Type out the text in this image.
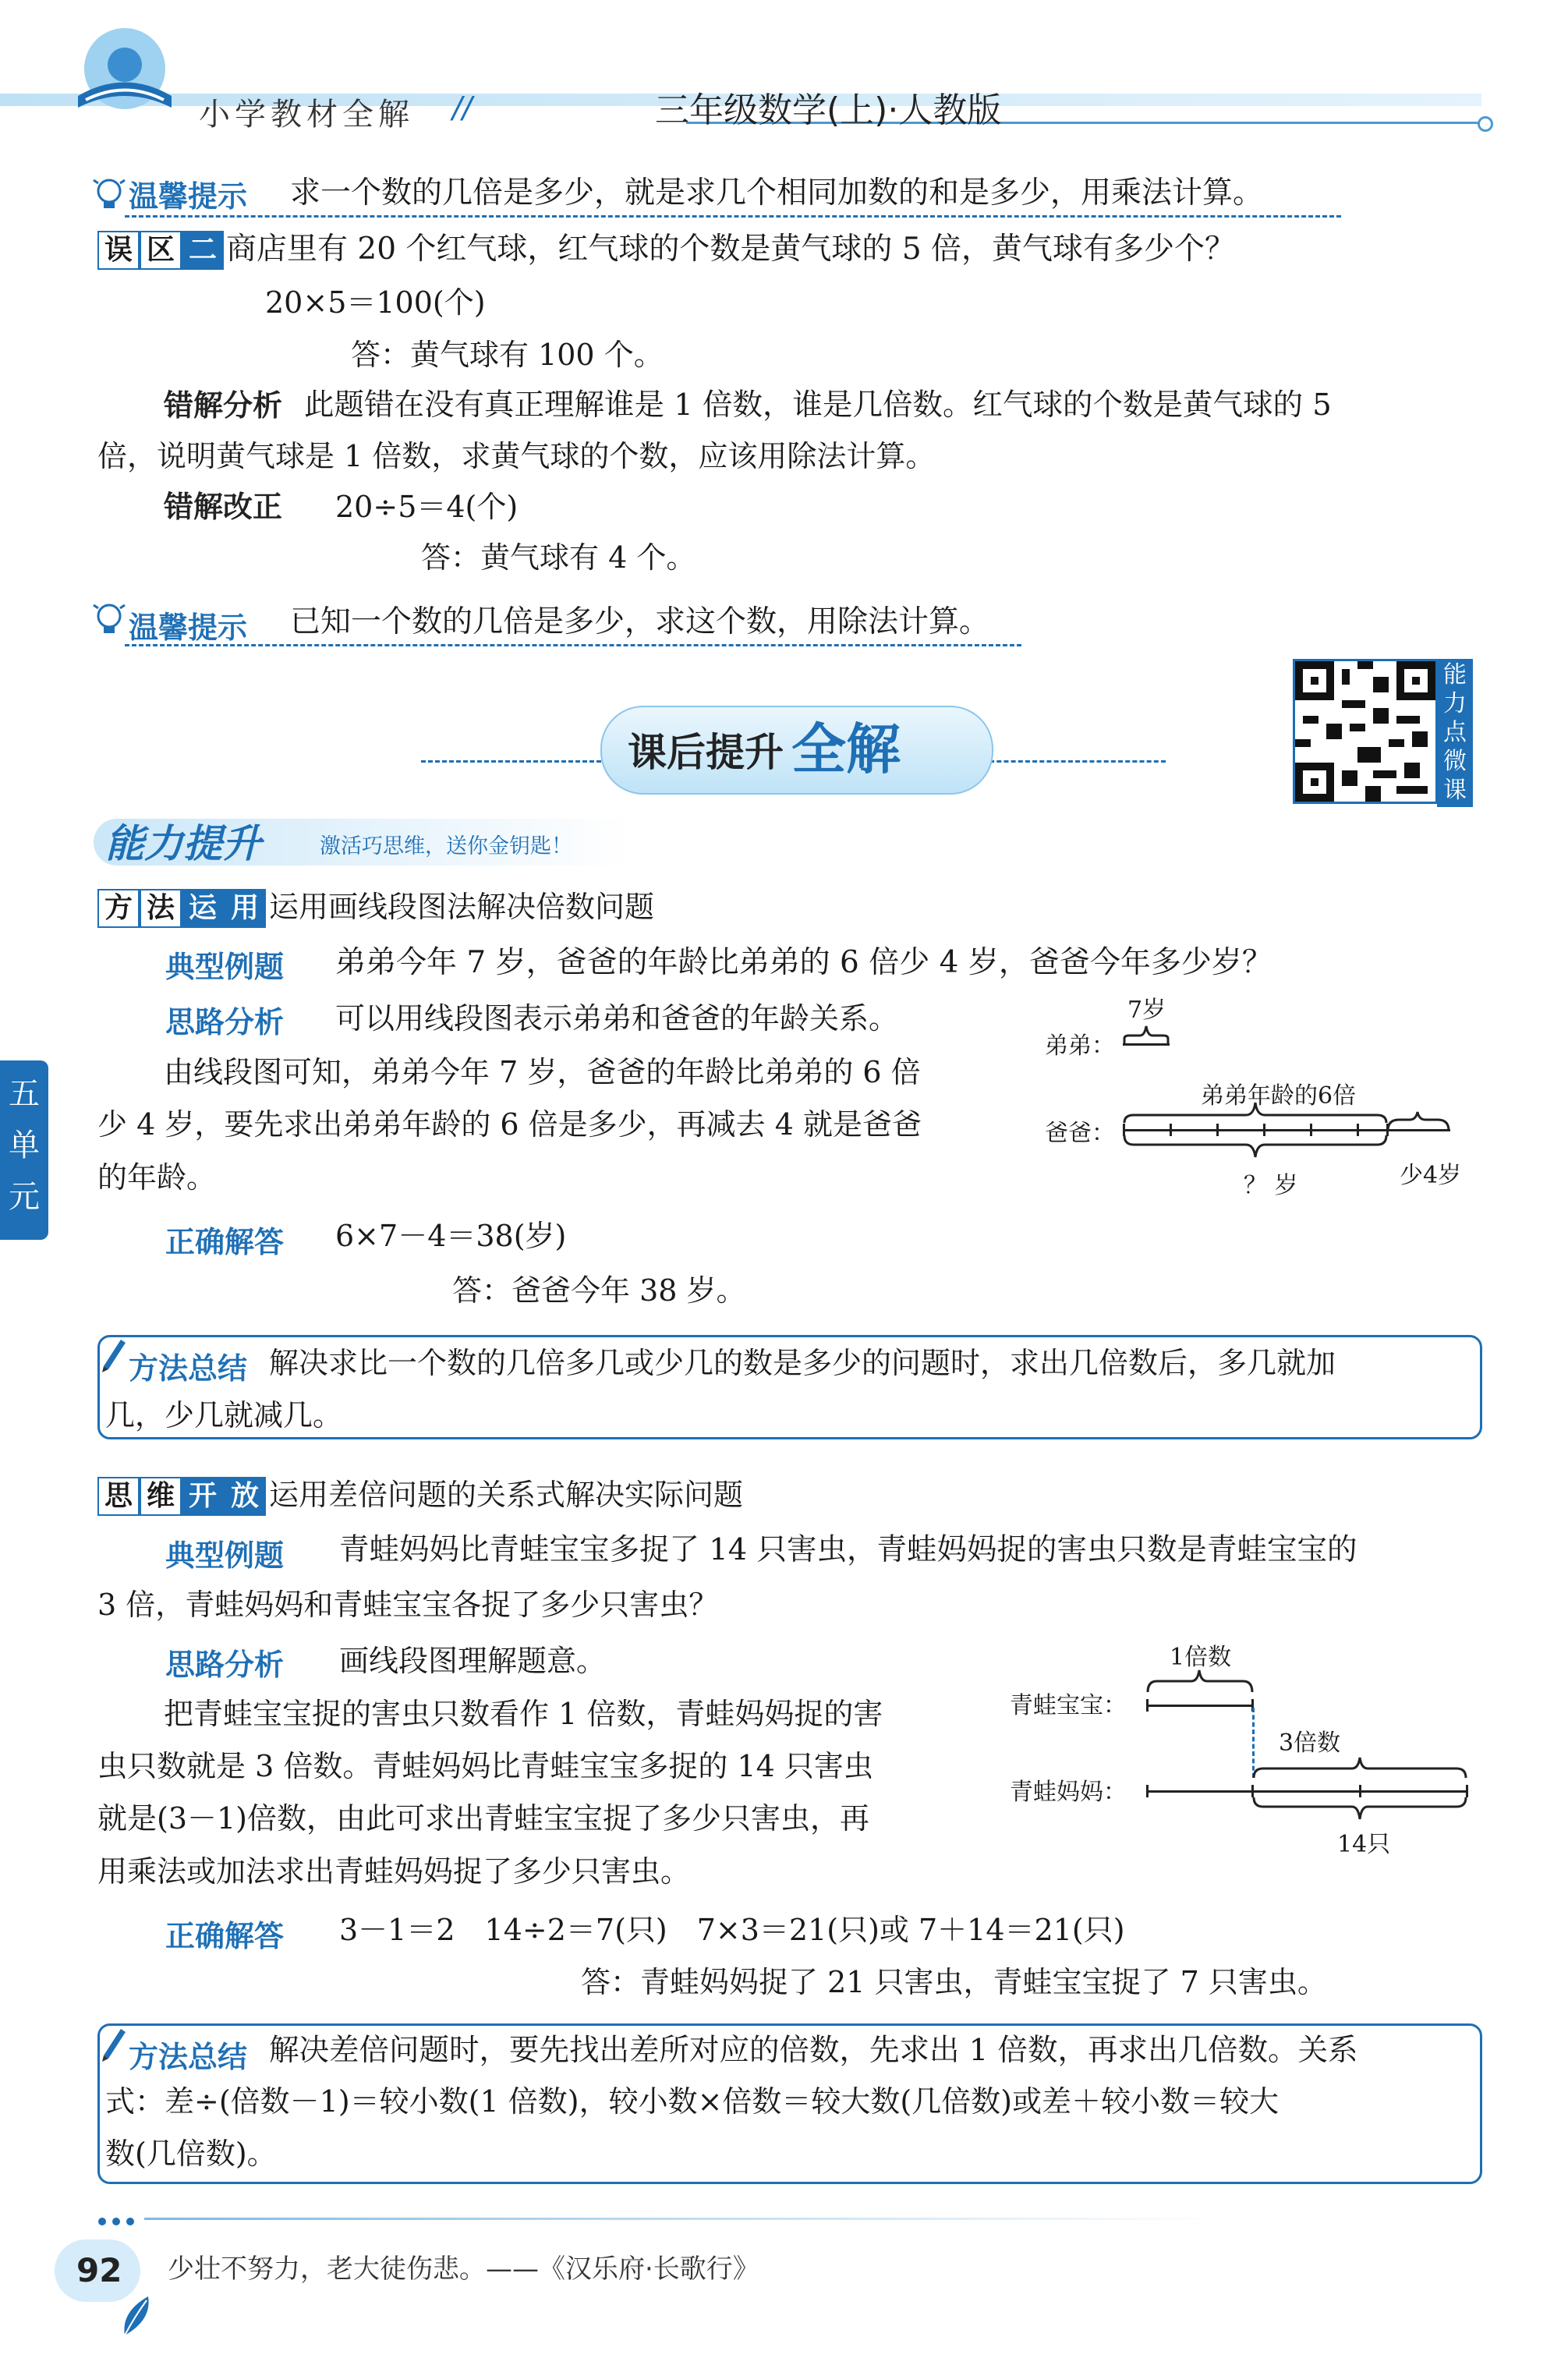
小学教材全解 //	三年级数学(上)·人教版
温馨提示 求一个数的几倍是多少，就是求几个相同加数的和是多少，用乘法计算。
误 区 二 商店里有 20 个红气球，红气球的个数是黄气球的 5 倍，黄气球有多少个？
20×5＝100(个)
答：黄气球有 100 个。
错解分析 此题错在没有真正理解谁是 1 倍数，谁是几倍数。红气球的个数是黄气球的 5
倍，说明黄气球是 1 倍数，求黄气球的个数，应该用除法计算。
错解改正 20÷5＝4(个)
答：黄气球有 4 个。
温馨提示 已知一个数的几倍是多少，求这个数，用除法计算。
课后提升 全解
能
力
点
微
课
能力提升	激活巧思维，送你金钥匙！
方 法 运 用 运用画线段图法解决倍数问题
典型例题 弟弟今年 7 岁，爸爸的年龄比弟弟的 6 倍少 4 岁，爸爸今年多少岁？
思路分析 可以用线段图表示弟弟和爸爸的年龄关系。
由线段图可知，弟弟今年 7 岁，爸爸的年龄比弟弟的 6 倍
少 4 岁，要先求出弟弟年龄的 6 倍是多少，再减去 4 就是爸爸
的年龄。
正确解答 6×7－4＝38(岁)
答：爸爸今年 38 岁。
7岁
弟弟：
弟弟年龄的6倍
爸爸：
？ 岁	少4岁
方法总结 解决求比一个数的几倍多几或少几的数是多少的问题时，求出几倍数后，多几就加
几，少几就减几。
思 维 开 放 运用差倍问题的关系式解决实际问题
典型例题 青蛙妈妈比青蛙宝宝多捉了 14 只害虫，青蛙妈妈捉的害虫只数是青蛙宝宝的
3 倍，青蛙妈妈和青蛙宝宝各捉了多少只害虫？
思路分析 画线段图理解题意。
把青蛙宝宝捉的害虫只数看作 1 倍数，青蛙妈妈捉的害
虫只数就是 3 倍数。青蛙妈妈比青蛙宝宝多捉的 14 只害虫
就是(3－1)倍数，由此可求出青蛙宝宝捉了多少只害虫，再
用乘法或加法求出青蛙妈妈捉了多少只害虫。
正确解答 3－1＝2　14÷2＝7(只)　7×3＝21(只)或 7＋14＝21(只)
答：青蛙妈妈捉了 21 只害虫，青蛙宝宝捉了 7 只害虫。
1倍数
青蛙宝宝：
3倍数
青蛙妈妈：
14只
方法总结 解决差倍问题时，要先找出差所对应的倍数，先求出 1 倍数，再求出几倍数。关系
式：差÷(倍数－1)＝较小数(1 倍数)，较小数×倍数＝较大数(几倍数)或差＋较小数＝较大
数(几倍数)。
五
单
元
92 少壮不努力，老大徒伤悲。——《汉乐府·长歌行》
